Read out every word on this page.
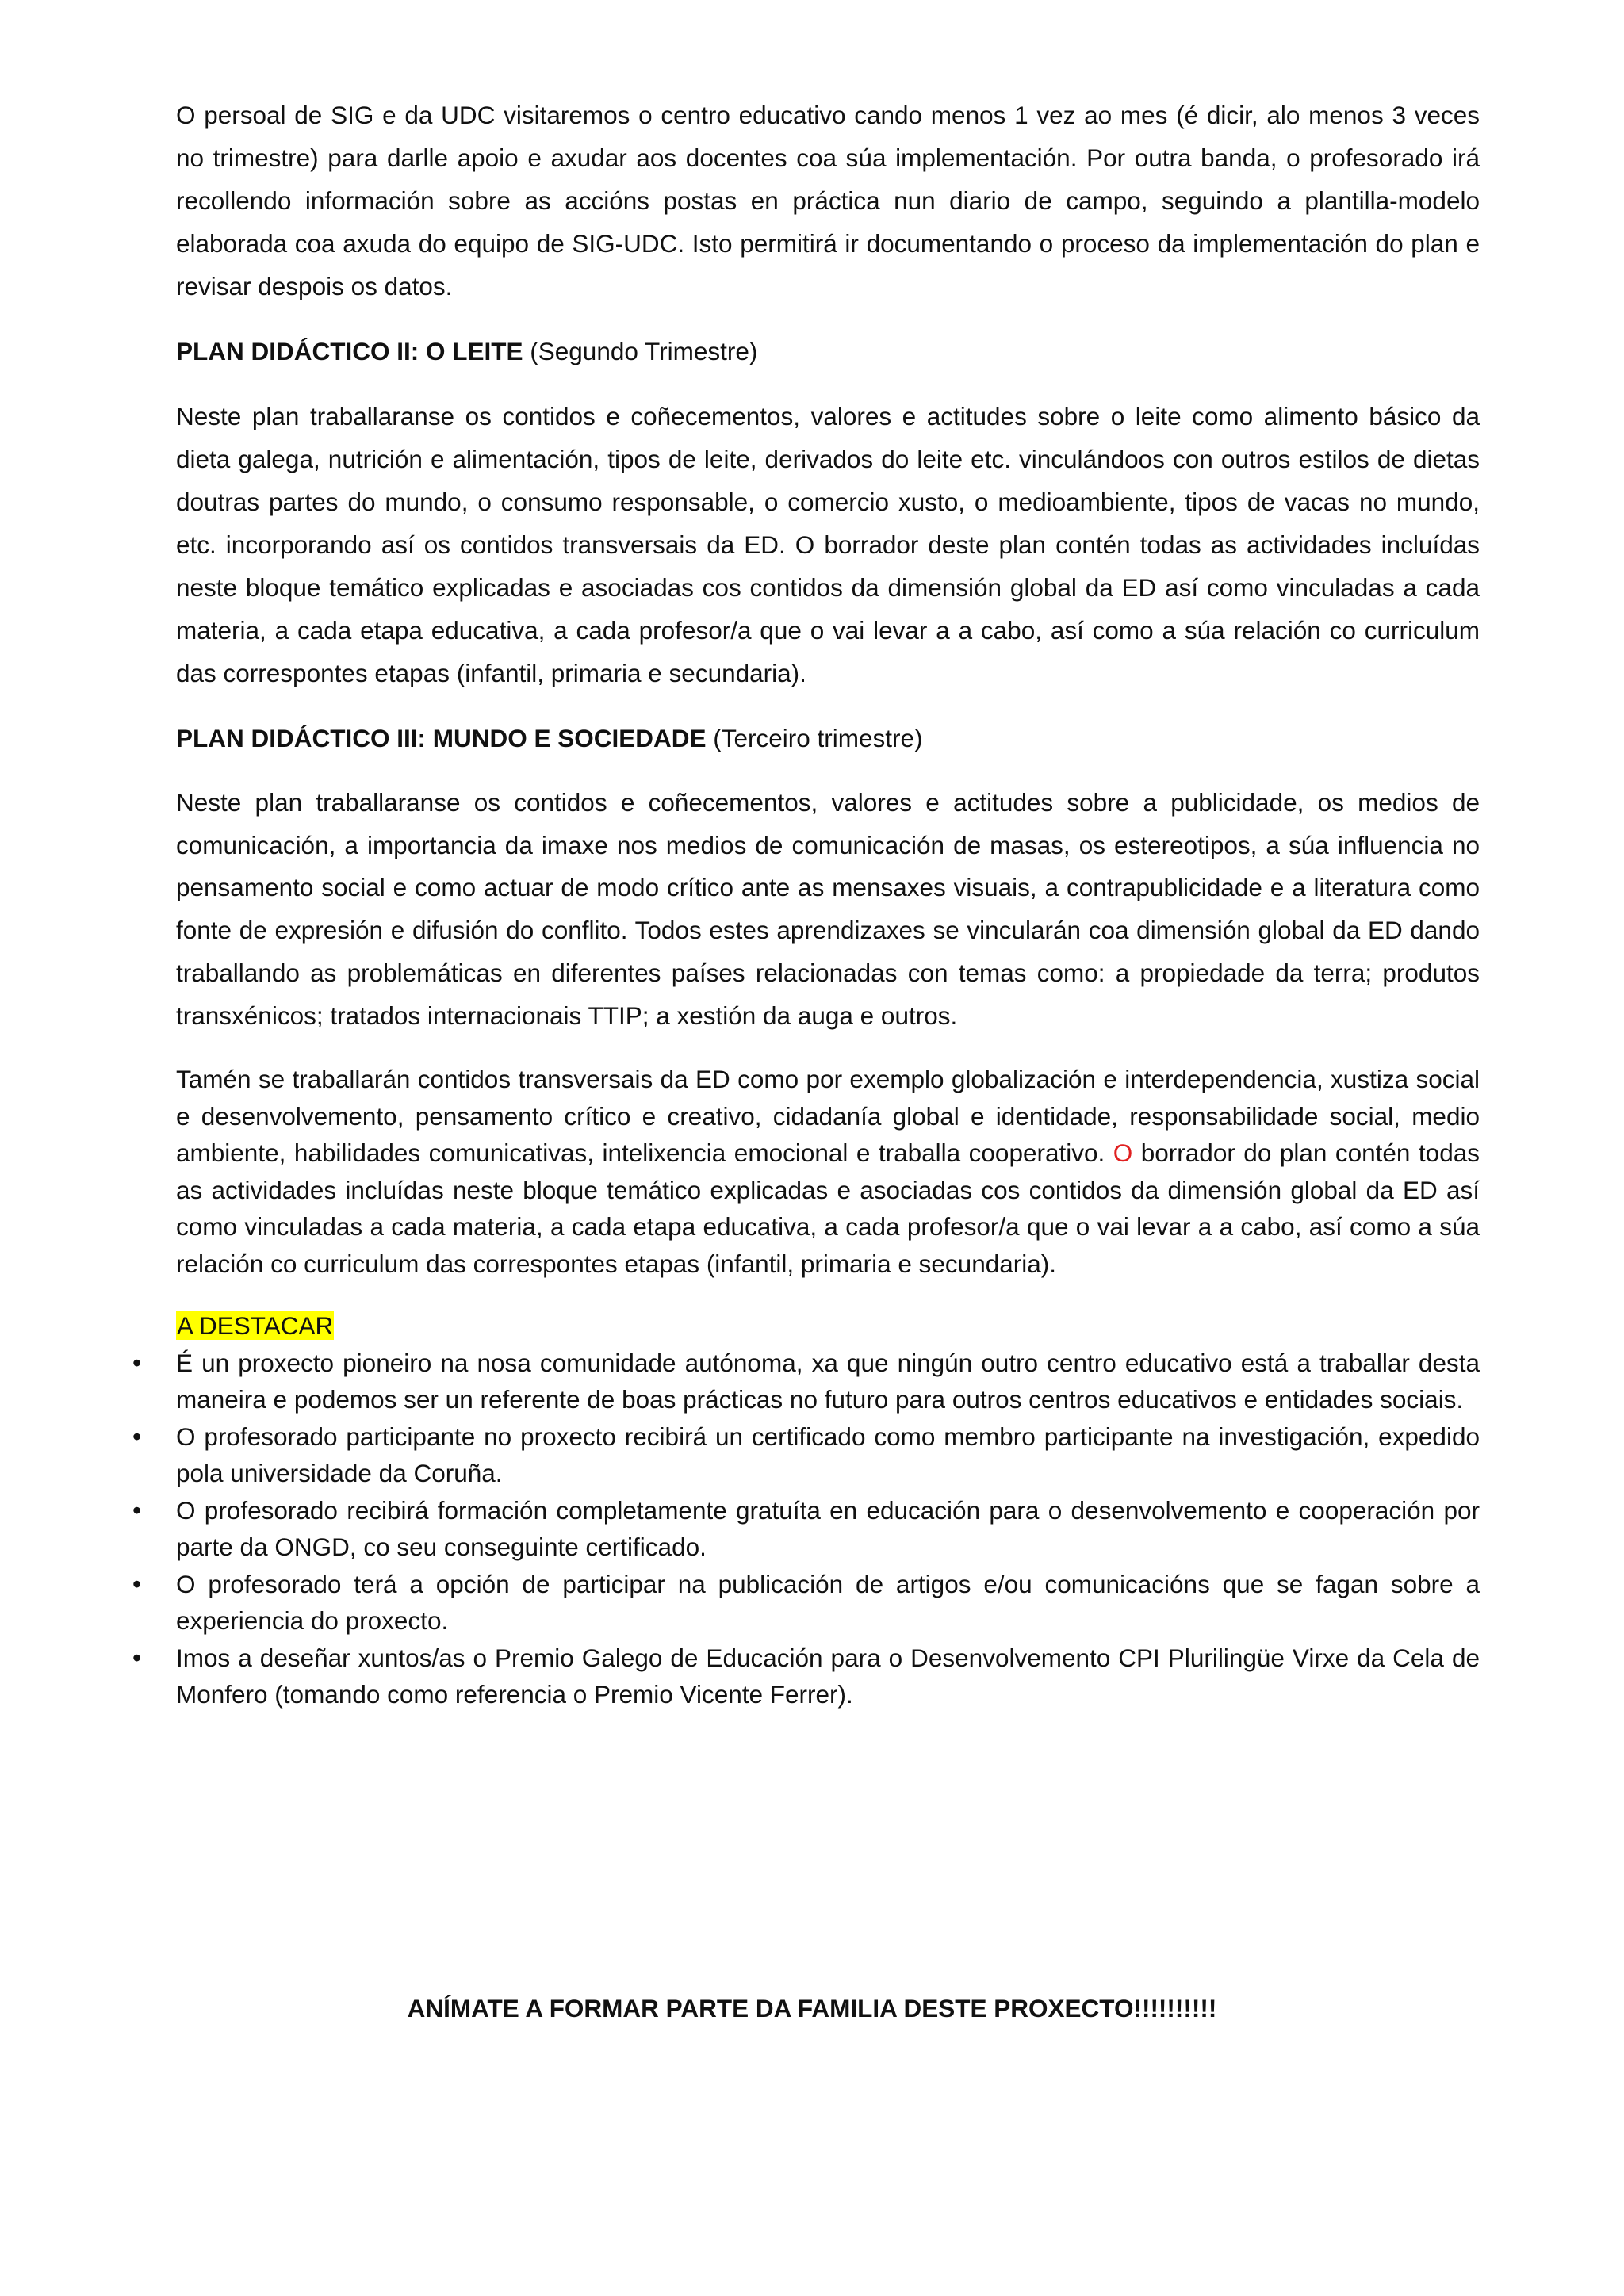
O persoal de SIG e da UDC visitaremos o centro educativo cando menos 1 vez ao mes (é dicir, alo menos 3 veces no trimestre) para darlle apoio e axudar aos docentes coa súa implementación. Por outra banda, o profesorado irá recollendo información sobre as accións postas en práctica nun diario de campo, seguindo a plantilla-modelo elaborada coa axuda do equipo de SIG-UDC. Isto permitirá ir documentando o proceso da implementación do plan e revisar despois os datos.

PLAN DIDÁCTICO II: O LEITE (Segundo Trimestre)

Neste plan traballaranse os contidos e coñecementos, valores e actitudes sobre o leite como alimento básico da dieta galega, nutrición e alimentación, tipos de leite, derivados do leite etc. vinculándoos con outros estilos de dietas doutras partes do mundo, o consumo responsable, o comercio xusto, o medioambiente, tipos de vacas no mundo, etc. incorporando así os contidos transversais da ED. O borrador deste plan contén todas as actividades incluídas neste bloque temático explicadas e asociadas cos contidos da dimensión global da ED así como vinculadas a cada materia, a cada etapa educativa, a cada profesor/a que o vai levar a a cabo, así como a súa relación co curriculum das correspontes etapas (infantil, primaria e secundaria).

PLAN DIDÁCTICO III: MUNDO E SOCIEDADE (Terceiro trimestre)

Neste plan traballaranse os contidos e coñecementos, valores e actitudes sobre a publicidade, os medios de comunicación, a importancia da imaxe nos medios de comunicación de masas, os estereotipos, a súa influencia no pensamento social e como actuar de modo crítico ante as mensaxes visuais, a contrapublicidade e a literatura como fonte de expresión e difusión do conflito. Todos estes aprendizaxes se vincularán coa dimensión global da ED dando traballando as problemáticas en diferentes países relacionadas con temas como: a propiedade da terra; produtos transxénicos; tratados internacionais TTIP; a xestión da auga e outros.

Tamén se traballarán contidos transversais da ED como por exemplo globalización e interdependencia, xustiza social e desenvolvemento, pensamento crítico e creativo, cidadanía global e identidade, responsabilidade social, medio ambiente, habilidades comunicativas, intelixencia emocional e traballa cooperativo. O borrador do plan contén todas as actividades incluídas neste bloque temático explicadas e asociadas cos contidos da dimensión global da ED así como vinculadas a cada materia, a cada etapa educativa, a cada profesor/a que o vai levar a a cabo, así como a súa relación co curriculum das correspontes etapas (infantil, primaria e secundaria).

A DESTACAR
• É un proxecto pioneiro na nosa comunidade autónoma, xa que ningún outro centro educativo está a traballar desta maneira e podemos ser un referente de boas prácticas no futuro para outros centros educativos e entidades sociais.
• O profesorado participante no proxecto recibirá un certificado como membro participante na investigación, expedido pola universidade da Coruña.
• O profesorado recibirá formación completamente gratuíta en educación para o desenvolvemento e cooperación por parte da ONGD, co seu conseguinte certificado.
• O profesorado terá a opción de participar na publicación de artigos e/ou comunicacións que se fagan sobre a experiencia do proxecto.
• Imos a deseñar xuntos/as o Premio Galego de Educación para o Desenvolvemento CPI Plurilingüe Virxe da Cela de Monfero (tomando como referencia o Premio Vicente Ferrer).
ANÍMATE A FORMAR PARTE DA FAMILIA DESTE PROXECTO!!!!!!!!!!
